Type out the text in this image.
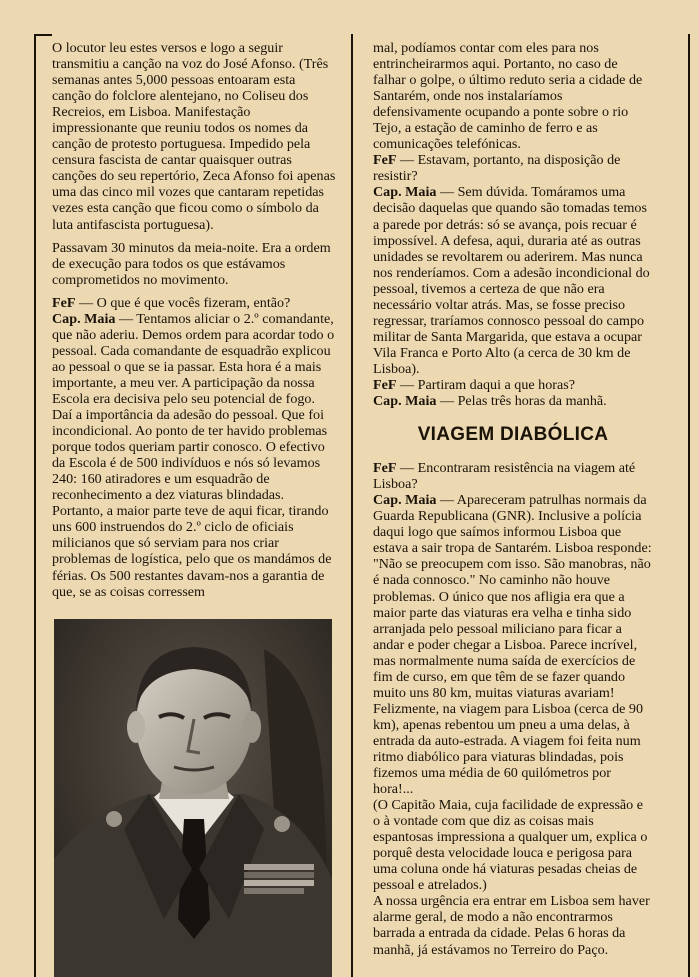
O locutor leu estes versos e logo a seguir transmitiu a canção na voz do José Afonso. (Três semanas antes 5,000 pessoas entoaram esta canção do folclore alentejano, no Coliseu dos Recreios, em Lisboa. Manifestação impressionante que reuniu todos os nomes da canção de protesto portuguesa. Impedido pela censura fascista de cantar quaisquer outras canções do seu repertório, Zeca Afonso foi apenas uma das cinco mil vozes que cantaram repetidas vezes esta canção que ficou como o símbolo da luta antifascista portuguesa).

Passavam 30 minutos da meia-noite. Era a ordem de execução para todos os que estávamos comprometidos no movimento.

FeF — O que é que vocês fizeram, então?

Cap. Maia — Tentamos aliciar o 2.º comandante, que não aderiu. Demos ordem para acordar todo o pessoal. Cada comandante de esquadrão explicou ao pessoal o que se ia passar. Esta hora é a mais importante, a meu ver. A participação da nossa Escola era decisiva pelo seu potencial de fogo. Daí a importância da adesão do pessoal. Que foi incondicional. Ao ponto de ter havido problemas porque todos queriam partir conosco. O efectivo da Escola é de 500 indivíduos e nós só levamos 240: 160 atiradores e um esquadrão de reconhecimento a dez viaturas blindadas. Portanto, a maior parte teve de aqui ficar, tirando uns 600 instruendos do 2.º ciclo de oficiais milicianos que só serviam para nos criar problemas de logística, pelo que os mandámos de férias. Os 500 restantes davam-nos a garantia de que, se as coisas corressem

mal, podíamos contar com eles para nos entrincheirarmos aqui. Portanto, no caso de falhar o golpe, o último reduto seria a cidade de Santarém, onde nos instalaríamos defensivamente ocupando a ponte sobre o rio Tejo, a estação de caminho de ferro e as comunicações telefónicas.

FeF — Estavam, portanto, na disposição de resistir?

Cap. Maia — Sem dúvida. Tomáramos uma decisão daquelas que quando são tomadas temos a parede por detrás: só se avança, pois recuar é impossível. A defesa, aqui, duraria até as outras unidades se revoltarem ou aderirem. Mas nunca nos renderíamos. Com a adesão incondicional do pessoal, tivemos a certeza de que não era necessário voltar atrás. Mas, se fosse preciso regressar, traríamos connosco pessoal do campo militar de Santa Margarida, que estava a ocupar Vila Franca e Porto Alto (a cerca de 30 km de Lisboa).

FeF — Partiram daqui a que horas?

Cap. Maia — Pelas três horas da manhã.

VIAGEM DIABÓLICA

FeF — Encontraram resistência na viagem até Lisboa?

Cap. Maia — Apareceram patrulhas normais da Guarda Republicana (GNR). Inclusive a polícia daqui logo que saímos informou Lisboa que estava a sair tropa de Santarém. Lisboa responde: "Não se preocupem com isso. São manobras, não é nada connosco." No caminho não houve problemas. O único que nos afligia era que a maior parte das viaturas era velha e tinha sido arranjada pelo pessoal miliciano para ficar a andar e poder chegar a Lisboa. Parece incrível, mas normalmente numa saída de exercícios de fim de curso, em que têm de se fazer quando muito uns 80 km, muitas viaturas avariam! Felizmente, na viagem para Lisboa (cerca de 90 km), apenas rebentou um pneu a uma delas, à entrada da auto-estrada. A viagem foi feita num ritmo diabólico para viaturas blindadas, pois fizemos uma média de 60 quilómetros por hora!...

(O Capitão Maia, cuja facilidade de expressão e o à vontade com que diz as coisas mais espantosas impressiona a qualquer um, explica o porquê desta velocidade louca e perigosa para uma coluna onde há viaturas pesadas cheias de pessoal e atrelados.)

A nossa urgência era entrar em Lisboa sem haver alarme geral, de modo a não encontrarmos barrada a entrada da cidade. Pelas 6 horas da manhã, já estávamos no Terreiro do Paço.
